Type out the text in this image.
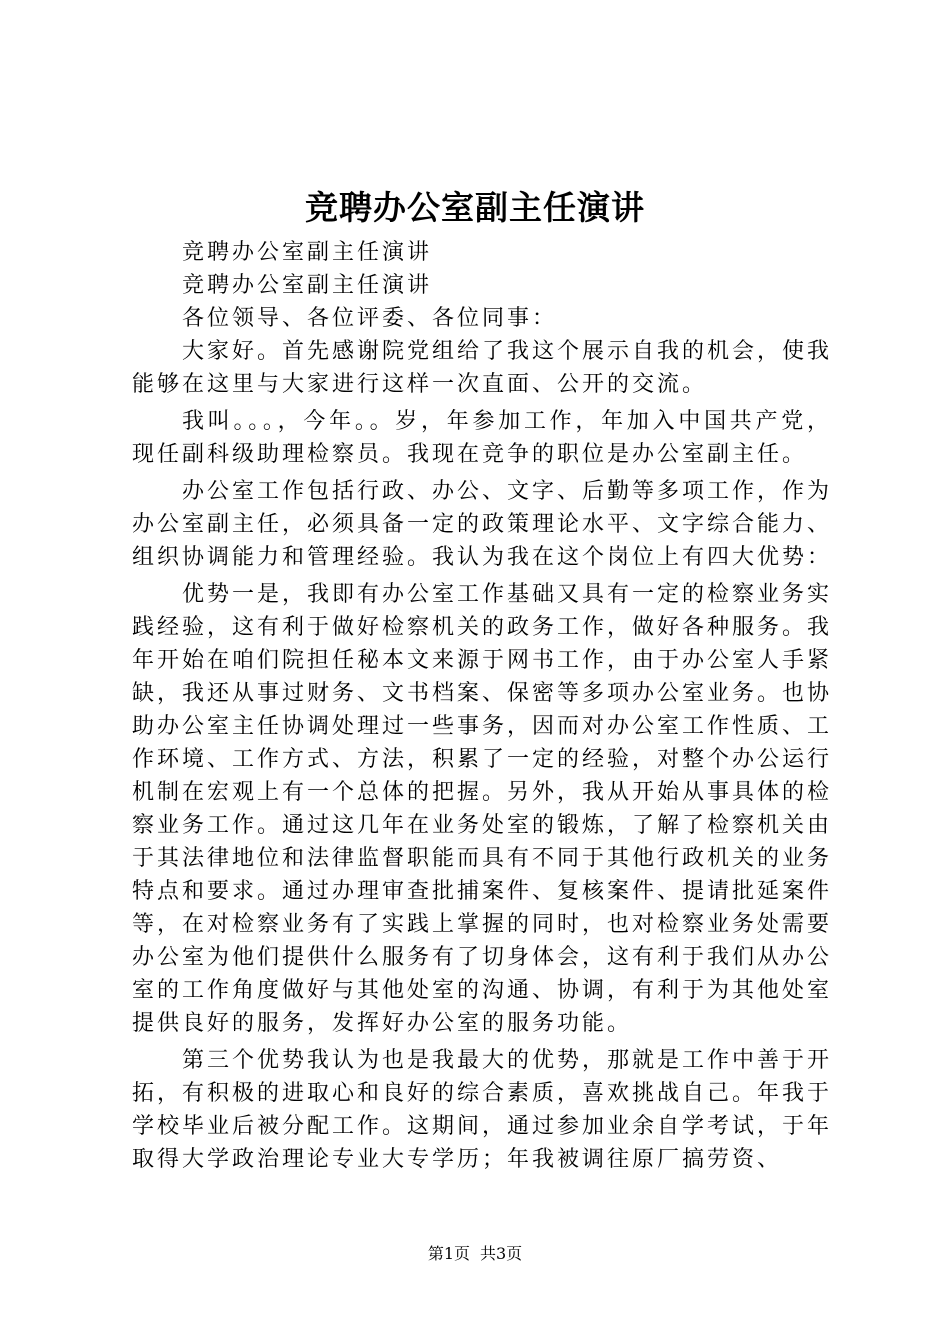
竞聘办公室副主任演讲

竞聘办公室副主任演讲

竞聘办公室副主任演讲

各位领导、各位评委、各位同事：

大家好。首先感谢院党组给了我这个展示自我的机会，使我能够在这里与大家进行这样一次直面、公开的交流。

我叫。。。，今年。。岁，年参加工作，年加入中国共产党，现任副科级助理检察员。我现在竞争的职位是办公室副主任。

办公室工作包括行政、办公、文字、后勤等多项工作，作为办公室副主任，必须具备一定的政策理论水平、文字综合能力、组织协调能力和管理经验。我认为我在这个岗位上有四大优势：

优势一是，我即有办公室工作基础又具有一定的检察业务实践经验，这有利于做好检察机关的政务工作，做好各种服务。我年开始在咱们院担任秘本文来源于网书工作，由于办公室人手紧缺，我还从事过财务、文书档案、保密等多项办公室业务。也协助办公室主任协调处理过一些事务，因而对办公室工作性质、工作环境、工作方式、方法，积累了一定的经验，对整个办公运行机制在宏观上有一个总体的把握。另外，我从开始从事具体的检察业务工作。通过这几年在业务处室的锻炼，了解了检察机关由于其法律地位和法律监督职能而具有不同于其他行政机关的业务特点和要求。通过办理审查批捕案件、复核案件、提请批延案件等，在对检察业务有了实践上掌握的同时，也对检察业务处需要办公室为他们提供什么服务有了切身体会，这有利于我们从办公室的工作角度做好与其他处室的沟通、协调，有利于为其他处室提供良好的服务，发挥好办公室的服务功能。

第三个优势我认为也是我最大的优势，那就是工作中善于开拓，有积极的进取心和良好的综合素质，喜欢挑战自己。年我于学校毕业后被分配工作。这期间，通过参加业余自学考试，于年取得大学政治理论专业大专学历；年我被调往原厂搞劳资、

第1页 共3页
